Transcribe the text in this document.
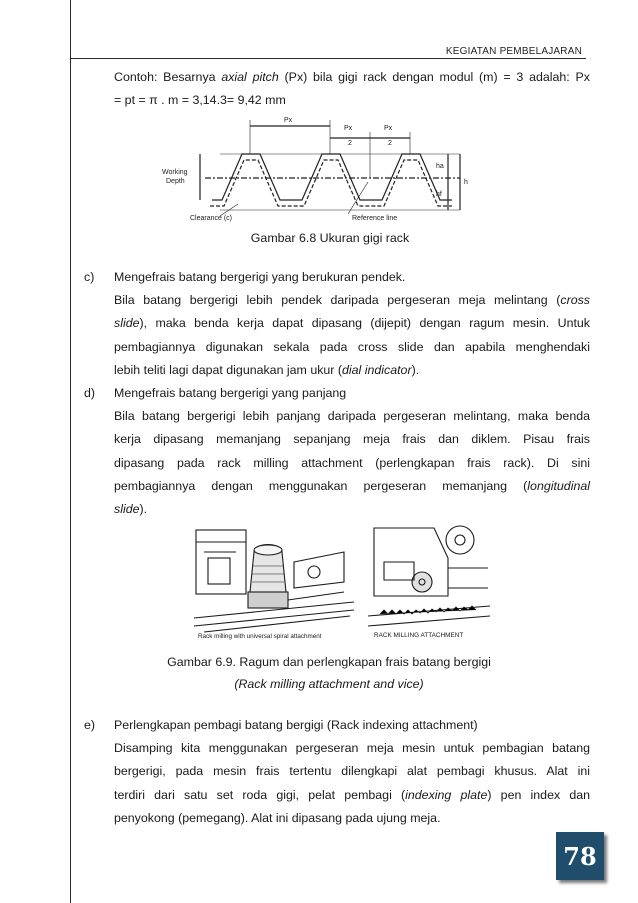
KEGIATAN PEMBELAJARAN
Contoh: Besarnya axial pitch (Px) bila gigi rack dengan modul (m) = 3 adalah: Px
= pt = π . m = 3,14.3= 9,42 mm
Px
Px
2
Px
2
Working
Depth
Clearance (c)	Reference line
ha
hf
h
Gambar 6.8 Ukuran gigi rack
c) Mengefrais batang bergerigi yang berukuran pendek.
Bila batang bergerigi lebih pendek daripada pergeseran meja melintang (cross
slide), maka benda kerja dapat dipasang (dijepit) dengan ragum mesin. Untuk
pembagiannya digunakan sekala pada cross slide dan apabila menghendaki
lebih teliti lagi dapat digunakan jam ukur (dial indicator).
d) Mengefrais batang bergerigi yang panjang
Bila batang bergerigi lebih panjang daripada pergeseran melintang, maka benda
kerja dipasang memanjang sepanjang meja frais dan diklem. Pisau frais
dipasang pada rack milling attachment (perlengkapan frais rack). Di sini
pembagiannya dengan menggunakan pergeseran memanjang (longitudinal
slide).
Rack milling with universal spiral attachment	RACK MILLING ATTACHMENT
Gambar 6.9. Ragum dan perlengkapan frais batang bergigi
(Rack milling attachment and vice)
e) Perlengkapan pembagi batang bergigi (Rack indexing attachment)
Disamping kita menggunakan pergeseran meja mesin untuk pembagian batang
bergerigi, pada mesin frais tertentu dilengkapi alat pembagi khusus. Alat ini
terdiri dari satu set roda gigi, pelat pembagi (indexing plate) pen index dan
penyokong (pemegang). Alat ini dipasang pada ujung meja.
78
